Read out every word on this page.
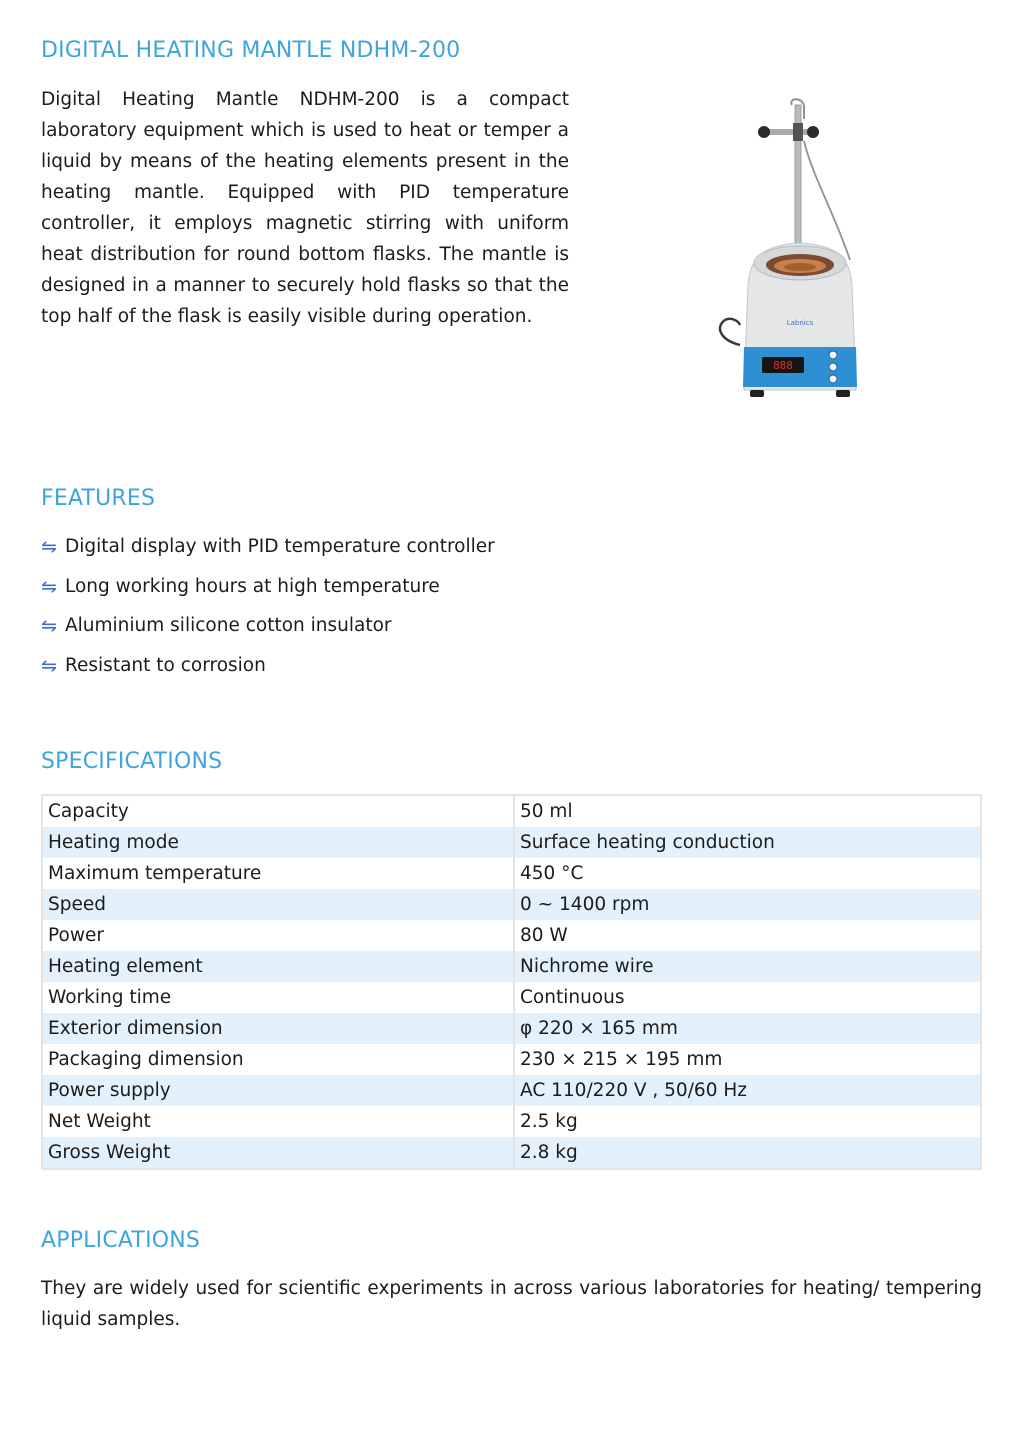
DIGITAL HEATING MANTLE NDHM-200

Digital Heating Mantle NDHM-200 is a compact laboratory equipment which is used to heat or temper a liquid by means of the heating elements present in the heating mantle. Equipped with PID temperature controller, it employs magnetic stirring with uniform heat distribution for round bottom flasks. The mantle is designed in a manner to securely hold flasks so that the top half of the flask is easily visible during operation.	Labnics
888
FEATURES
⇋ Digital display with PID temperature controller
⇋ Long working hours at high temperature
⇋ Aluminium silicone cotton insulator
⇋ Resistant to corrosion
SPECIFICATIONS
Capacity	50 ml
Heating mode	Surface heating conduction
Maximum temperature	450 °C
Speed	0 ~ 1400 rpm
Power	80 W
Heating element	Nichrome wire
Working time	Continuous
Exterior dimension	φ 220 × 165 mm
Packaging dimension	230 × 215 × 195 mm
Power supply	AC 110/220 V , 50/60 Hz
Net Weight	2.5 kg
Gross Weight	2.8 kg
APPLICATIONS

They are widely used for scientific experiments in across various laboratories for heating/ tempering liquid samples.
